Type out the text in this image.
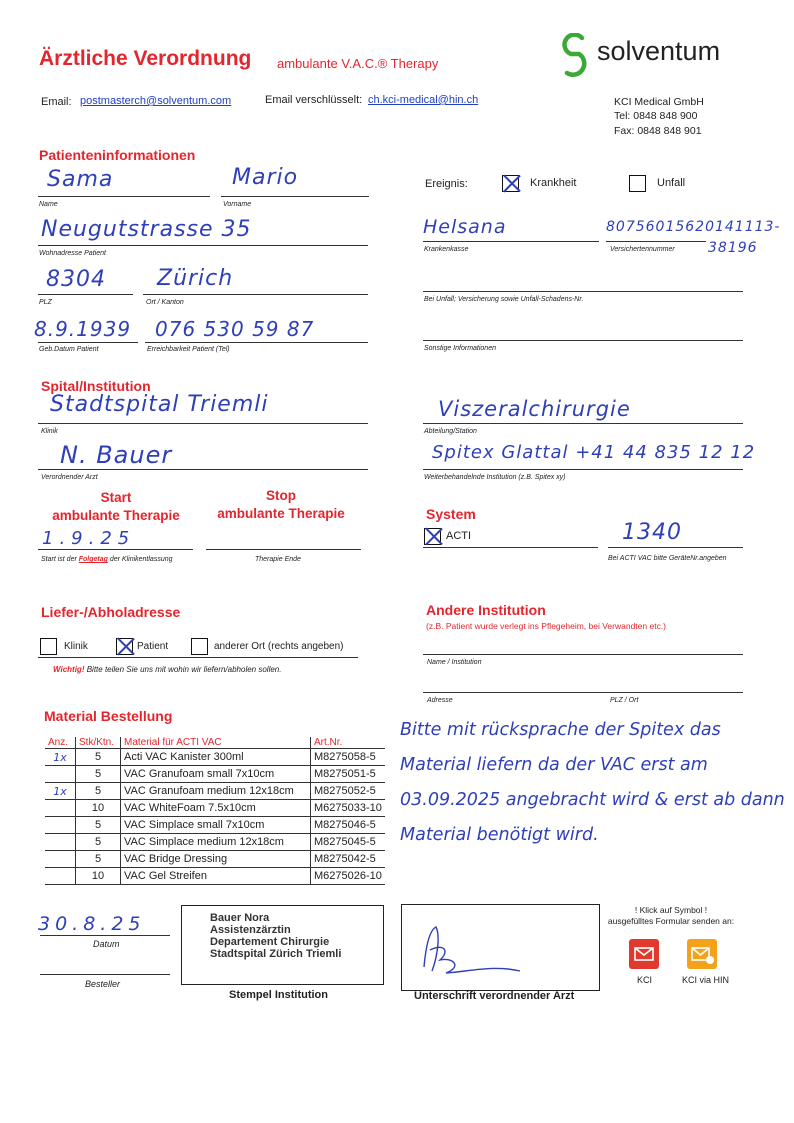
Ärztliche Verordnung ambulante V.A.C.® Therapy	solventum
Email: postmasterch@solventum.com	Email verschlüsselt: ch.kci-medical@hin.ch	KCI Medical GmbH
Tel: 0848 848 900
Fax: 0848 848 901
Patienteninformationen
Sama
Name
Mario
Vorname
Neugutstrasse 35
Wohnadresse Patient
8304
PLZ
Zürich
Ort / Kanton
8.9.1939
Geb.Datum Patient
076 530 59 87
Erreichbarkeit Patient (Tel)
Ereignis:	Krankheit	Unfall
Helsana
Krankenkasse
80756015620141113-
38196
Versichertennummer
Bei Unfall; Versicherung sowie Unfall-Schadens-Nr.
Sonstige Informationen
Spital/Institution
Stadtspital Triemli
Klinik
Viszeralchirurgie
Abteilung/Station
N. Bauer
Verordnender Arzt
Spitex Glattal +41 44 835 12 12
Weiterbehandelnde Institution (z.B. Spitex xy)
Start
ambulante Therapie
Stop
ambulante Therapie
1.9.25
Start ist der Folgetag der Klinikentlassung	Therapie Ende
System
ACTI	1340
Bei ACTI VAC bitte GeräteNr.angeben
Liefer-/Abholadresse
Klinik	Patient	anderer Ort (rechts angeben)
Wichtig! Bitte teilen Sie uns mit wohin wir liefern/abholen sollen.
Andere Institution
(z.B. Patient wurde verlegt ins Pflegeheim, bei Verwandten etc.)
Name / Institution
Adresse	PLZ / Ort
Material Bestellung
Anz.	Stk/Ktn.	Material für ACTI VAC	Art.Nr.
1x	5	Acti VAC Kanister 300ml	M8275058-5
	5	VAC Granufoam small 7x10cm	M8275051-5
1x	5	VAC Granufoam medium 12x18cm	M8275052-5
	10	VAC WhiteFoam 7.5x10cm	M6275033-10
	5	VAC Simplace small 7x10cm	M8275046-5
	5	VAC Simplace medium 12x18cm	M8275045-5
	5	VAC Bridge Dressing	M8275042-5
	10	VAC Gel Streifen	M6275026-10
Bitte mit rücksprache der Spitex das Material liefern da der VAC erst am 03.09.2025 angebracht wird & erst ab dann Material benötigt wird.
30.8.25
Datum
Besteller
Bauer Nora
Assistenzärztin
Departement Chirurgie
Stadtspital Zürich Triemli
Stempel Institution	Unterschrift verordnender Arzt
! Klick auf Symbol !
ausgefülltes Formular senden an:
KCI	KCI via HIN
